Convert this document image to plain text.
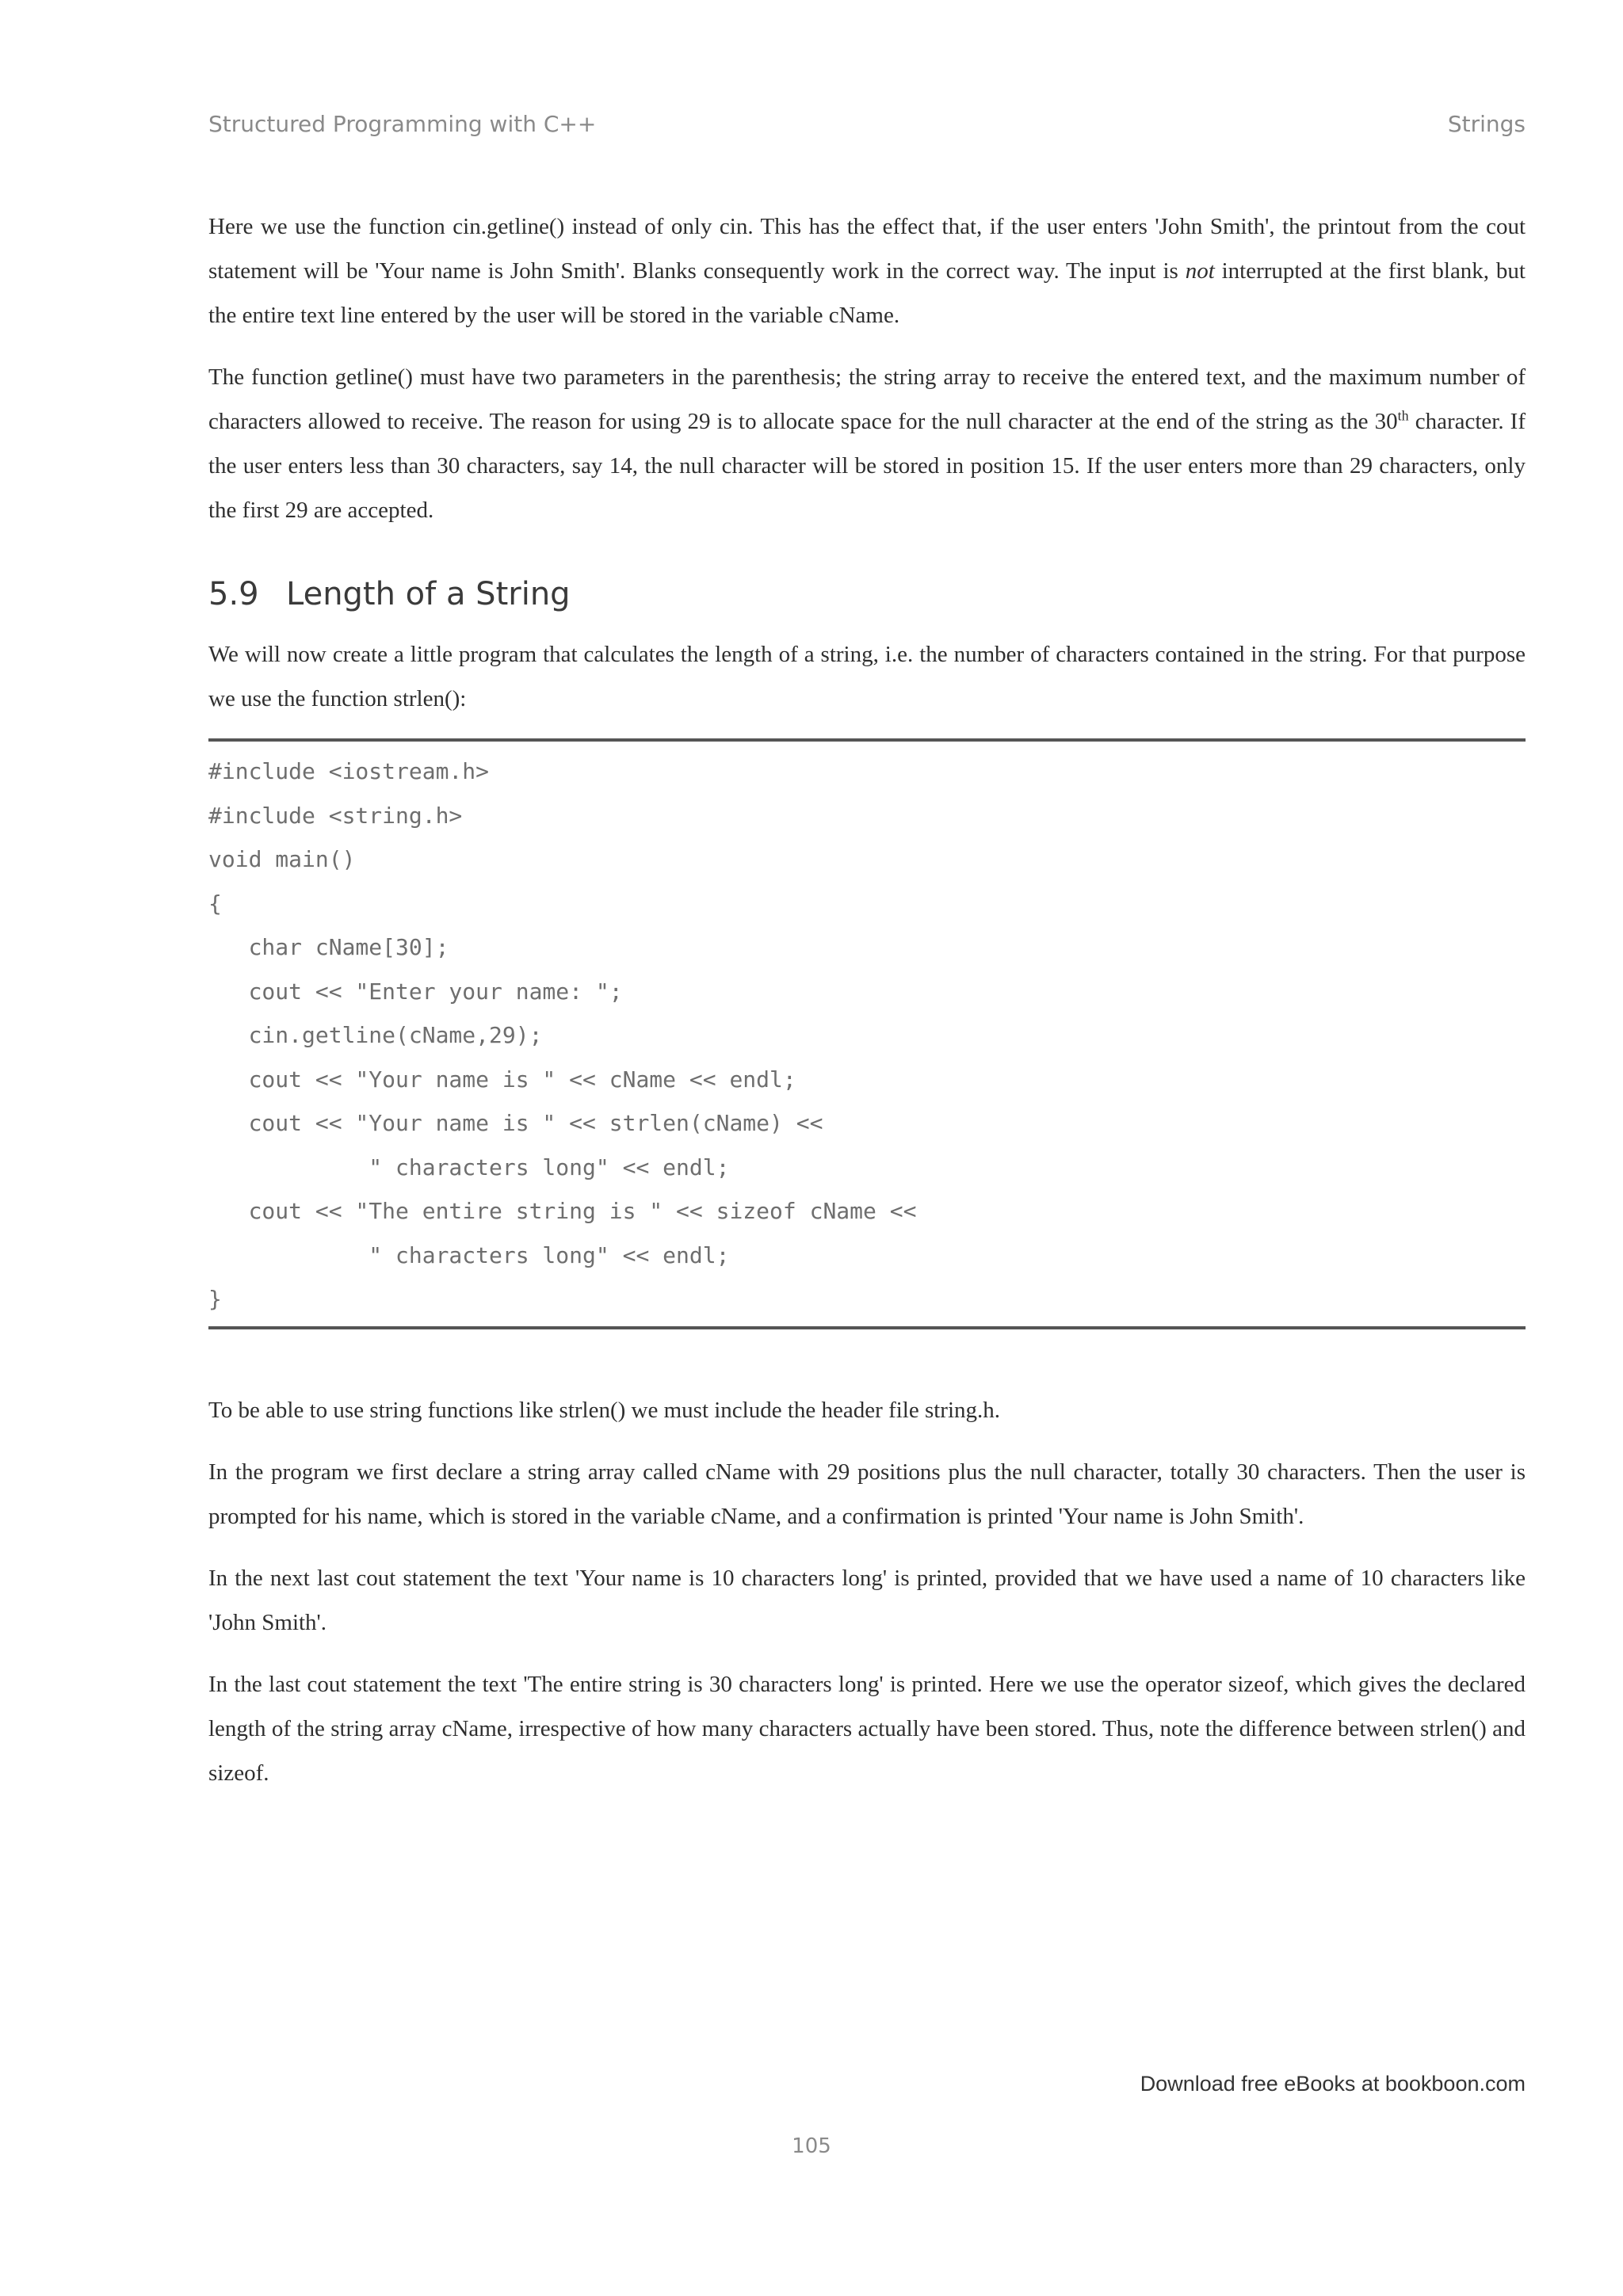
Structured Programming with C++	Strings

Here we use the function cin.getline() instead of only cin. This has the effect that, if the user enters 'John Smith', the printout from the cout statement will be 'Your name is John Smith'. Blanks consequently work in the correct way. The input is not interrupted at the first blank, but the entire text line entered by the user will be stored in the variable cName.

The function getline() must have two parameters in the parenthesis; the string array to receive the entered text, and the maximum number of characters allowed to receive. The reason for using 29 is to allocate space for the null character at the end of the string as the 30th character. If the user enters less than 30 characters, say 14, the null character will be stored in position 15. If the user enters more than 29 characters, only the first 29 are accepted.

5.9 Length of a String

We will now create a little program that calculates the length of a string, i.e. the number of characters contained in the string. For that purpose we use the function strlen():

#include <iostream.h>
#include <string.h>
void main()
{
char cName[30];
cout << "Enter your name: ";
cin.getline(cName,29);
cout << "Your name is " << cName << endl;
cout << "Your name is " << strlen(cName) <<
" characters long" << endl;
cout << "The entire string is " << sizeof cName <<
" characters long" << endl;
}

To be able to use string functions like strlen() we must include the header file string.h.

In the program we first declare a string array called cName with 29 positions plus the null character, totally 30 characters. Then the user is prompted for his name, which is stored in the variable cName, and a confirmation is printed 'Your name is John Smith'.

In the next last cout statement the text 'Your name is 10 characters long' is printed, provided that we have used a name of 10 characters like 'John Smith'.

In the last cout statement the text 'The entire string is 30 characters long' is printed. Here we use the operator sizeof, which gives the declared length of the string array cName, irrespective of how many characters actually have been stored. Thus, note the difference between strlen() and sizeof.

Download free eBooks at bookboon.com
105
